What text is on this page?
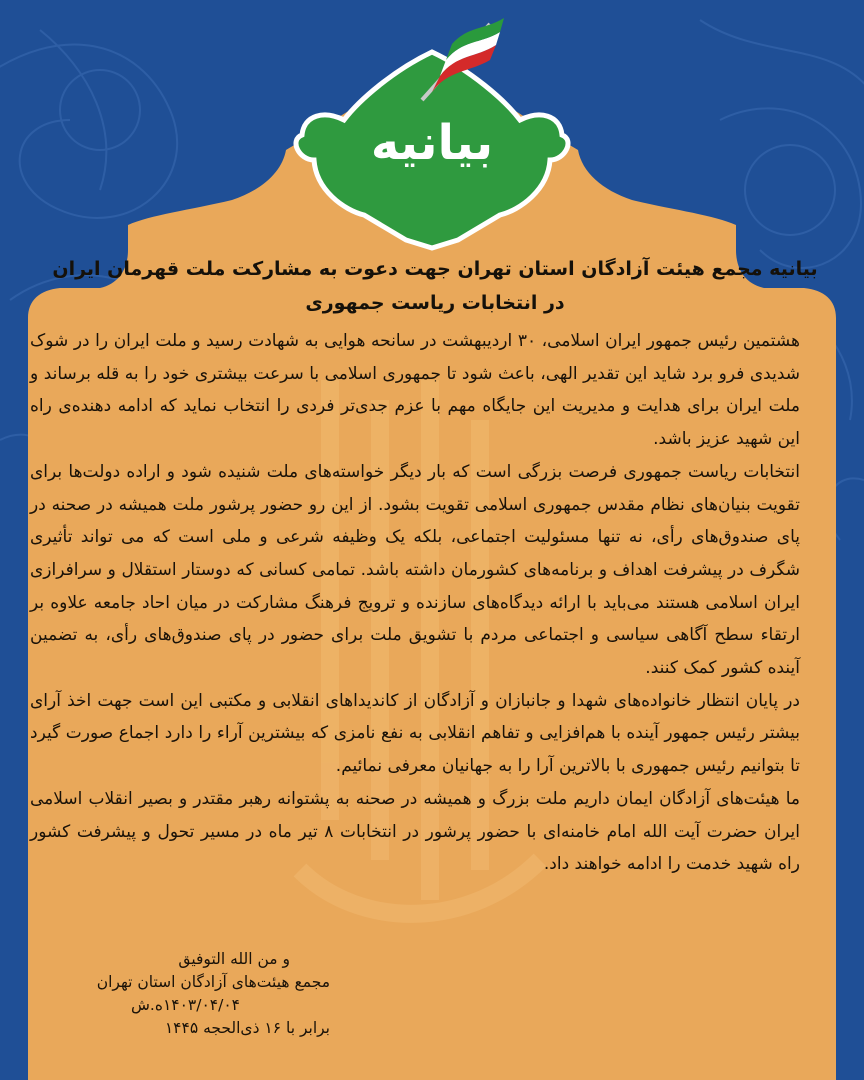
بیانیه
بیانیه مجمع هیئت آزادگان استان تهران جهت دعوت به مشارکت ملت قهرمان ایران
در انتخابات ریاست جمهوری

هشتمین رئیس جمهور ایران اسلامی، ۳۰ اردیبهشت در سانحه هوایی به شهادت رسید و ملت ایران را در شوک شدیدی فرو برد شاید این تقدیر الهی، باعث شود تا جمهوری اسلامی با سرعت بیشتری خود را به قله برساند و ملت ایران برای هدایت و مدیریت این جایگاه مهم با عزم جدی‌تر فردی را انتخاب نماید که ادامه دهنده‌ی راه این شهید عزیز باشد.

انتخابات ریاست جمهوری فرصت بزرگی است که بار دیگر خواسته‌های ملت شنیده شود و اراده دولت‌ها برای تقویت بنیان‌های نظام مقدس جمهوری اسلامی تقویت بشود. از این رو حضور پرشور ملت همیشه در صحنه در پای صندوق‌های رأی، نه تنها مسئولیت اجتماعی، بلکه یک وظیفه شرعی و ملی است که می تواند تأثیری شگرف در پیشرفت اهداف و برنامه‌های کشورمان داشته باشد. تمامی کسانی که دوستار استقلال و سرافرازی ایران اسلامی هستند می‌باید با ارائه دیدگاه‌های سازنده و ترویج فرهنگ مشارکت در میان احاد جامعه علاوه بر ارتقاء سطح آگاهی سیاسی و اجتماعی مردم با تشویق ملت برای حضور در پای صندوق‌های رأی، به تضمین آینده کشور کمک کنند.

در پایان انتظار خانواده‌های شهدا و جانبازان و آزادگان از کاندیداهای انقلابی و مکتبی این است جهت اخذ آرای بیشتر رئیس جمهور آینده با هم‌افزایی و تفاهم انقلابی به نفع نامزی که بیشترین آراء را دارد اجماع صورت گیرد تا بتوانیم رئیس جمهوری با بالاترین آرا را به جهانیان معرفی نمائیم.

ما هیئت‌های آزادگان ایمان داریم ملت بزرگ و همیشه در صحنه به پشتوانه رهبر مقتدر و بصیر انقلاب اسلامی ایران حضرت آیت الله امام خامنه‌ای با حضور پرشور در انتخابات ۸ تیر ماه در مسیر تحول و پیشرفت کشور راه شهید خدمت را ادامه خواهند داد.

و من الله التوفیق
مجمع هیئت‌های آزادگان استان تهران
۱۴۰۳/۰۴/۰۴ه.ش
برابر با ۱۶ ذی‌الحجه ۱۴۴۵
